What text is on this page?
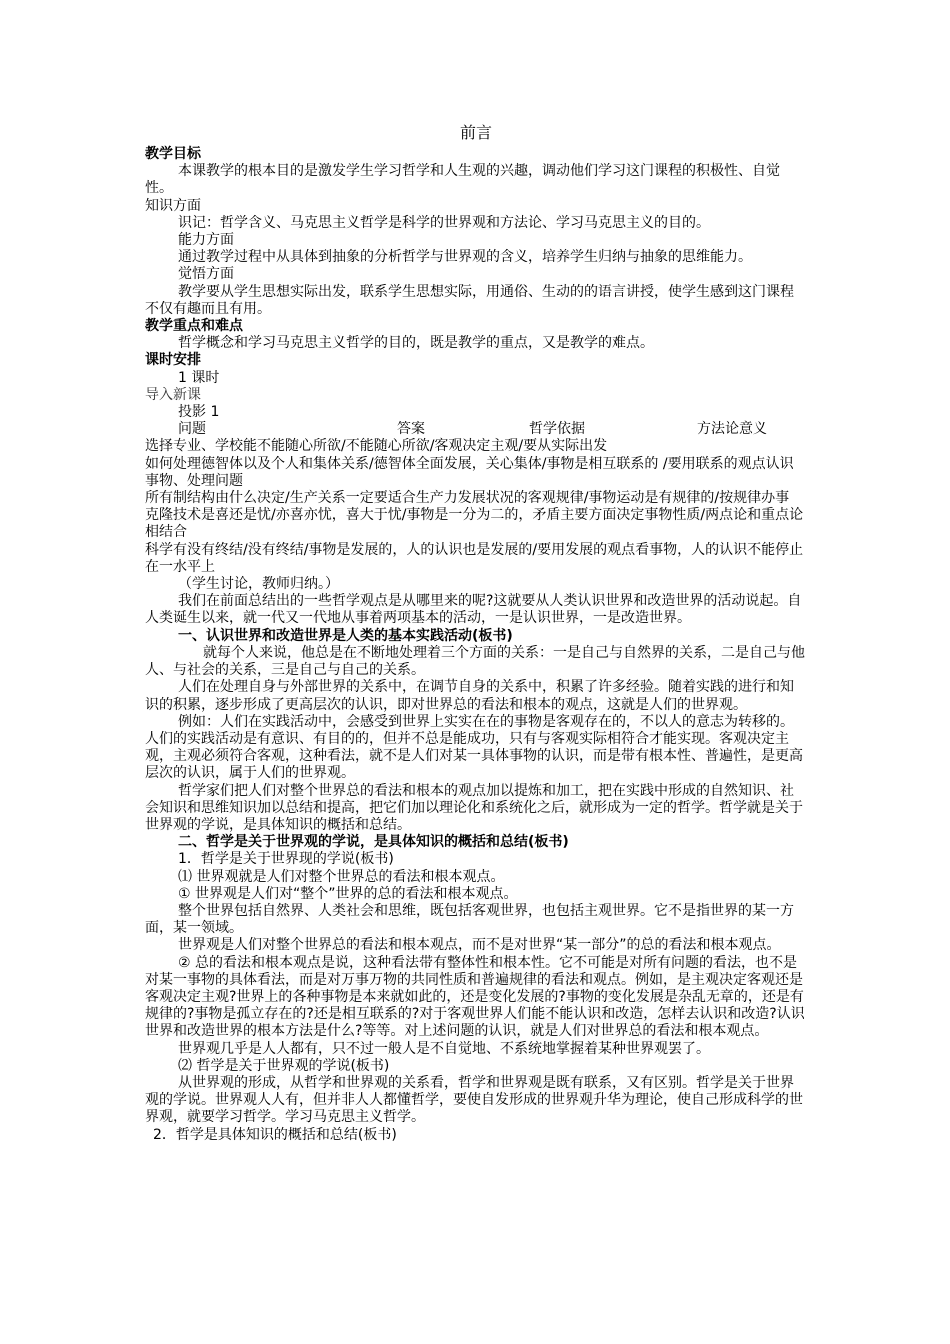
前言

教学目标

本课教学的根本目的是激发学生学习哲学和人生观的兴趣，调动他们学习这门课程的积极性、自觉性。

知识方面

识记：哲学含义、马克思主义哲学是科学的世界观和方法论、学习马克思主义的目的。

能力方面

通过教学过程中从具体到抽象的分析哲学与世界观的含义，培养学生归纳与抽象的思维能力。

觉悟方面

教学要从学生思想实际出发，联系学生思想实际，用通俗、生动的的语言讲授，使学生感到这门课程不仅有趣而且有用。

教学重点和难点

哲学概念和学习马克思主义哲学的目的，既是教学的重点，又是教学的难点。

课时安排

1 课时

导入新课

投影 1

问题	答案	哲学依据	方法论意义

选择专业、学校能不能随心所欲/不能随心所欲/客观决定主观/要从实际出发

如何处理德智体以及个人和集体关系/德智体全面发展，关心集体/事物是相互联系的 /要用联系的观点认识事物、处理问题

所有制结构由什么决定/生产关系一定要适合生产力发展状况的客观规律/事物运动是有规律的/按规律办事

克隆技术是喜还是忧/亦喜亦忧，喜大于忧/事物是一分为二的，矛盾主要方面决定事物性质/两点论和重点论相结合

科学有没有终结/没有终结/事物是发展的，人的认识也是发展的/要用发展的观点看事物，人的认识不能停止在一水平上

（学生讨论，教师归纳。）

我们在前面总结出的一些哲学观点是从哪里来的呢?这就要从人类认识世界和改造世界的活动说起。自人类诞生以来，就一代又一代地从事着两项基本的活动，一是认识世界，一是改造世界。

一、认识世界和改造世界是人类的基本实践活动(板书)

就每个人来说，他总是在不断地处理着三个方面的关系：一是自己与自然界的关系，二是自己与他人、与社会的关系，三是自己与自己的关系。

人们在处理自身与外部世界的关系中，在调节自身的关系中，积累了许多经验。随着实践的进行和知识的积累，逐步形成了更高层次的认识，即对世界总的看法和根本的观点，这就是人们的世界观。

例如：人们在实践活动中，会感受到世界上实实在在的事物是客观存在的，不以人的意志为转移的。人们的实践活动是有意识、有目的的，但并不总是能成功，只有与客观实际相符合才能实现。客观决定主观，主观必须符合客观，这种看法，就不是人们对某一具体事物的认识，而是带有根本性、普遍性，是更高层次的认识，属于人们的世界观。

哲学家们把人们对整个世界总的看法和根本的观点加以提炼和加工，把在实践中形成的自然知识、社会知识和思维知识加以总结和提高，把它们加以理论化和系统化之后，就形成为一定的哲学。哲学就是关于世界观的学说，是具体知识的概括和总结。

二、哲学是关于世界观的学说，是具体知识的概括和总结(板书)

1．哲学是关于世界现的学说(板书)

⑴ 世界观就是人们对整个世界总的看法和根本观点。

① 世界观是人们对“整个”世界的总的看法和根本观点。

整个世界包括自然界、人类社会和思维，既包括客观世界，也包括主观世界。它不是指世界的某一方面，某一领域。

世界观是人们对整个世界总的看法和根本观点，而不是对世界“某一部分”的总的看法和根本观点。

② 总的看法和根本观点是说，这种看法带有整体性和根本性。它不可能是对所有问题的看法，也不是对某一事物的具体看法，而是对万事万物的共同性质和普遍规律的看法和观点。例如，是主观决定客观还是客观决定主观?世界上的各种事物是本来就如此的，还是变化发展的?事物的变化发展是杂乱无章的，还是有规律的?事物是孤立存在的?还是相互联系的?对于客观世界人们能不能认识和改造，怎样去认识和改造?认识世界和改造世界的根本方法是什么?等等。对上述问题的认识，就是人们对世界总的看法和根本观点。

世界观几乎是人人都有，只不过一般人是不自觉地、不系统地掌握着某种世界观罢了。

⑵ 哲学是关于世界观的学说(板书)

从世界观的形成，从哲学和世界观的关系看，哲学和世界观是既有联系，又有区别。哲学是关于世界观的学说。世界观人人有，但并非人人都懂哲学，要使自发形成的世界观升华为理论，使自己形成科学的世界观，就要学习哲学。学习马克思主义哲学。

2．哲学是具体知识的概括和总结(板书)
